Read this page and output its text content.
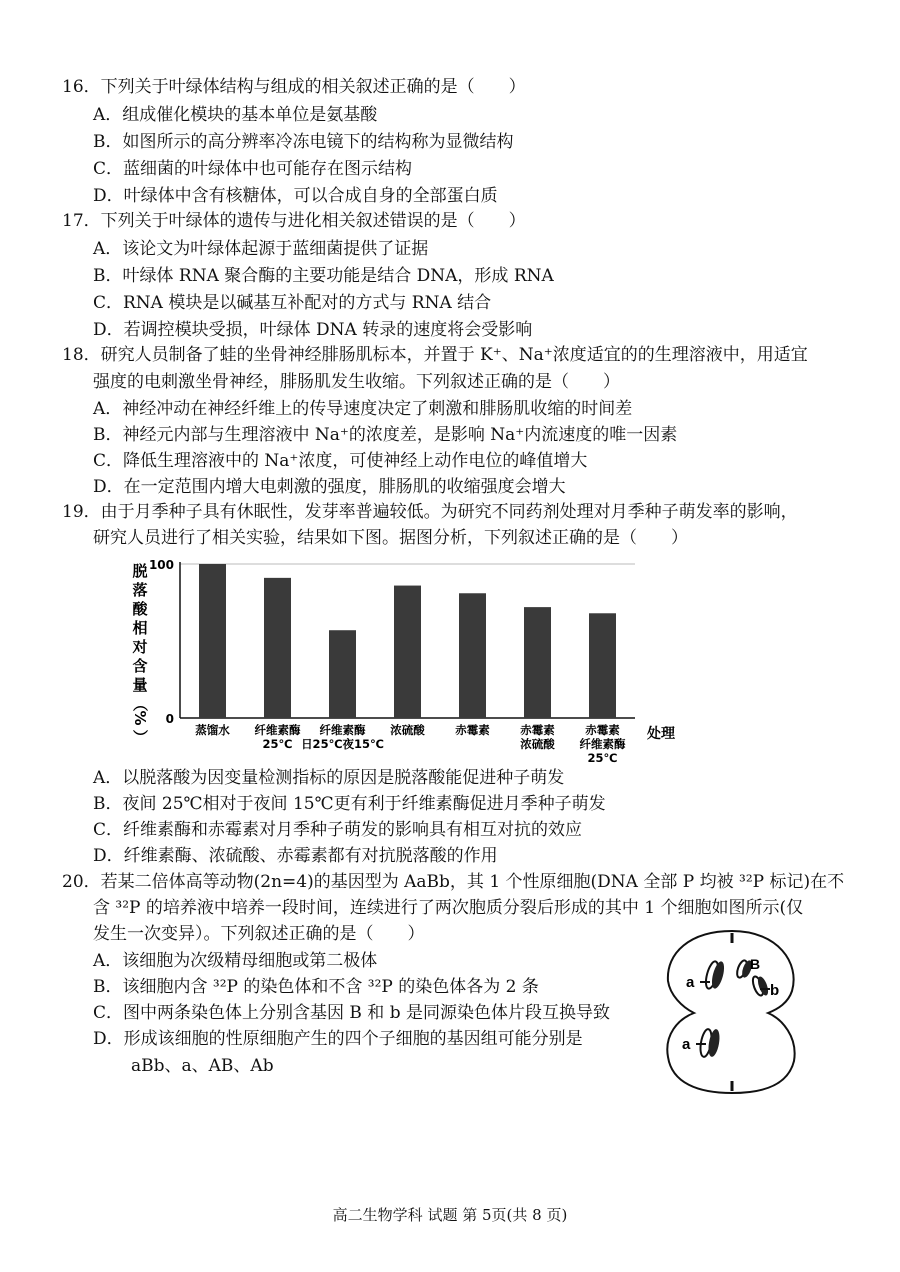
16．下列关于叶绿体结构与组成的相关叙述正确的是（　　）
A．组成催化模块的基本单位是氨基酸
B．如图所示的高分辨率冷冻电镜下的结构称为显微结构
C．蓝细菌的叶绿体中也可能存在图示结构
D．叶绿体中含有核糖体，可以合成自身的全部蛋白质
17．下列关于叶绿体的遗传与进化相关叙述错误的是（　　）
A．该论文为叶绿体起源于蓝细菌提供了证据
B．叶绿体 RNA 聚合酶的主要功能是结合 DNA，形成 RNA
C．RNA 模块是以碱基互补配对的方式与 RNA 结合
D．若调控模块受损，叶绿体 DNA 转录的速度将会受影响
18．研究人员制备了蛙的坐骨神经腓肠肌标本，并置于 K⁺、Na⁺浓度适宜的的生理溶液中，用适宜
强度的电刺激坐骨神经，腓肠肌发生收缩。下列叙述正确的是（　　）
A．神经冲动在神经纤维上的传导速度决定了刺激和腓肠肌收缩的时间差
B．神经元内部与生理溶液中 Na⁺的浓度差，是影响 Na⁺内流速度的唯一因素
C．降低生理溶液中的 Na⁺浓度，可使神经上动作电位的峰值增大
D．在一定范围内增大电刺激的强度，腓肠肌的收缩强度会增大
19．由于月季种子具有休眠性，发芽率普遍较低。为研究不同药剂处理对月季种子萌发率的影响，
研究人员进行了相关实验，结果如下图。据图分析，下列叙述正确的是（　　）
A．以脱落酸为因变量检测指标的原因是脱落酸能促进种子萌发
B．夜间 25℃相对于夜间 15℃更有利于纤维素酶促进月季种子萌发
C．纤维素酶和赤霉素对月季种子萌发的影响具有相互对抗的效应
D．纤维素酶、浓硫酸、赤霉素都有对抗脱落酸的作用
20．若某二倍体高等动物(2n=4)的基因型为 AaBb，其 1 个性原细胞(DNA 全部 P 均被 ³²P 标记)在不
含 ³²P 的培养液中培养一段时间，连续进行了两次胞质分裂后形成的其中 1 个细胞如图所示(仅
发生一次变异）。下列叙述正确的是（　　）
A．该细胞为次级精母细胞或第二极体
B．该细胞内含 ³²P 的染色体和不含 ³²P 的染色体各为 2 条
C．图中两条染色体上分别含基因 B 和 b 是同源染色体片段互换导致
D．形成该细胞的性原细胞产生的四个子细胞的基因组可能分别是
aBb、a、AB、Ab
0
100
脱
落
酸
相
对
含
量
（
%
）	蒸馏水 纤维素酶
25℃
纤维素酶
日25℃夜15℃
浓硫酸	赤霉素	赤霉素
浓硫酸
赤霉素
纤维素酶
25℃
处理
a
B
b
a
高二生物学科 试题 第 5页(共 8 页)
